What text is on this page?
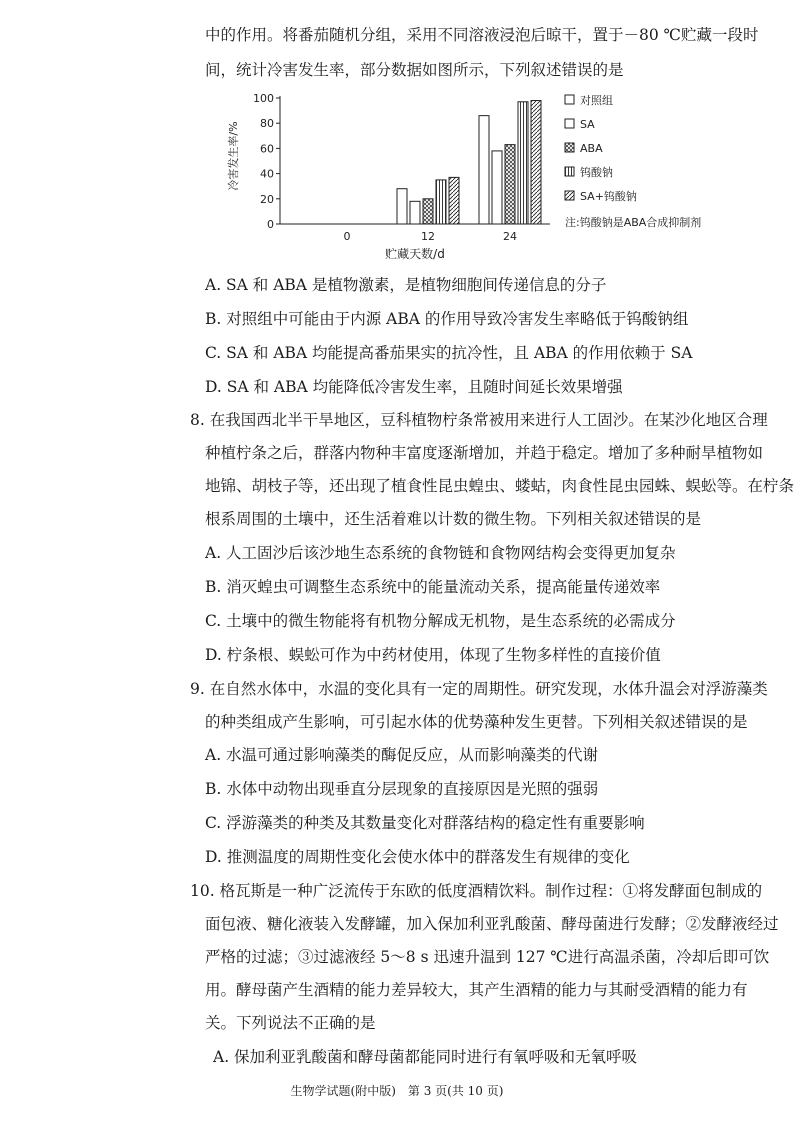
中的作用。将番茄随机分组，采用不同溶液浸泡后晾干，置于－80 ℃贮藏一段时

间，统计冷害发生率，部分数据如图所示，下列叙述错误的是

冷害发生率/%
0
20
40
60
80
100
0	12	24
贮藏天数/d
对照组
SA
ABA
钨酸钠
SA+钨酸钠
注:钨酸钠是ABA合成抑制剂

A. SA 和 ABA 是植物激素，是植物细胞间传递信息的分子

B. 对照组中可能由于内源 ABA 的作用导致冷害发生率略低于钨酸钠组

C. SA 和 ABA 均能提高番茄果实的抗冷性，且 ABA 的作用依赖于 SA

D. SA 和 ABA 均能降低冷害发生率，且随时间延长效果增强

8. 在我国西北半干旱地区，豆科植物柠条常被用来进行人工固沙。在某沙化地区合理

种植柠条之后，群落内物种丰富度逐渐增加，并趋于稳定。增加了多种耐旱植物如

地锦、胡枝子等，还出现了植食性昆虫蝗虫、蝼蛄，肉食性昆虫园蛛、蜈蚣等。在柠条

根系周围的土壤中，还生活着难以计数的微生物。下列相关叙述错误的是

A. 人工固沙后该沙地生态系统的食物链和食物网结构会变得更加复杂

B. 消灭蝗虫可调整生态系统中的能量流动关系，提高能量传递效率

C. 土壤中的微生物能将有机物分解成无机物，是生态系统的必需成分

D. 柠条根、蜈蚣可作为中药材使用，体现了生物多样性的直接价值

9. 在自然水体中，水温的变化具有一定的周期性。研究发现，水体升温会对浮游藻类

的种类组成产生影响，可引起水体的优势藻种发生更替。下列相关叙述错误的是

A. 水温可通过影响藻类的酶促反应，从而影响藻类的代谢

B. 水体中动物出现垂直分层现象的直接原因是光照的强弱

C. 浮游藻类的种类及其数量变化对群落结构的稳定性有重要影响

D. 推测温度的周期性变化会使水体中的群落发生有规律的变化

10. 格瓦斯是一种广泛流传于东欧的低度酒精饮料。制作过程：①将发酵面包制成的

面包液、糖化液装入发酵罐，加入保加利亚乳酸菌、酵母菌进行发酵；②发酵液经过

严格的过滤；③过滤液经 5～8 s 迅速升温到 127 ℃进行高温杀菌，冷却后即可饮

用。酵母菌产生酒精的能力差异较大，其产生酒精的能力与其耐受酒精的能力有

关。下列说法不正确的是

A. 保加利亚乳酸菌和酵母菌都能同时进行有氧呼吸和无氧呼吸

生物学试题(附中版)　第 3 页(共 10 页)
